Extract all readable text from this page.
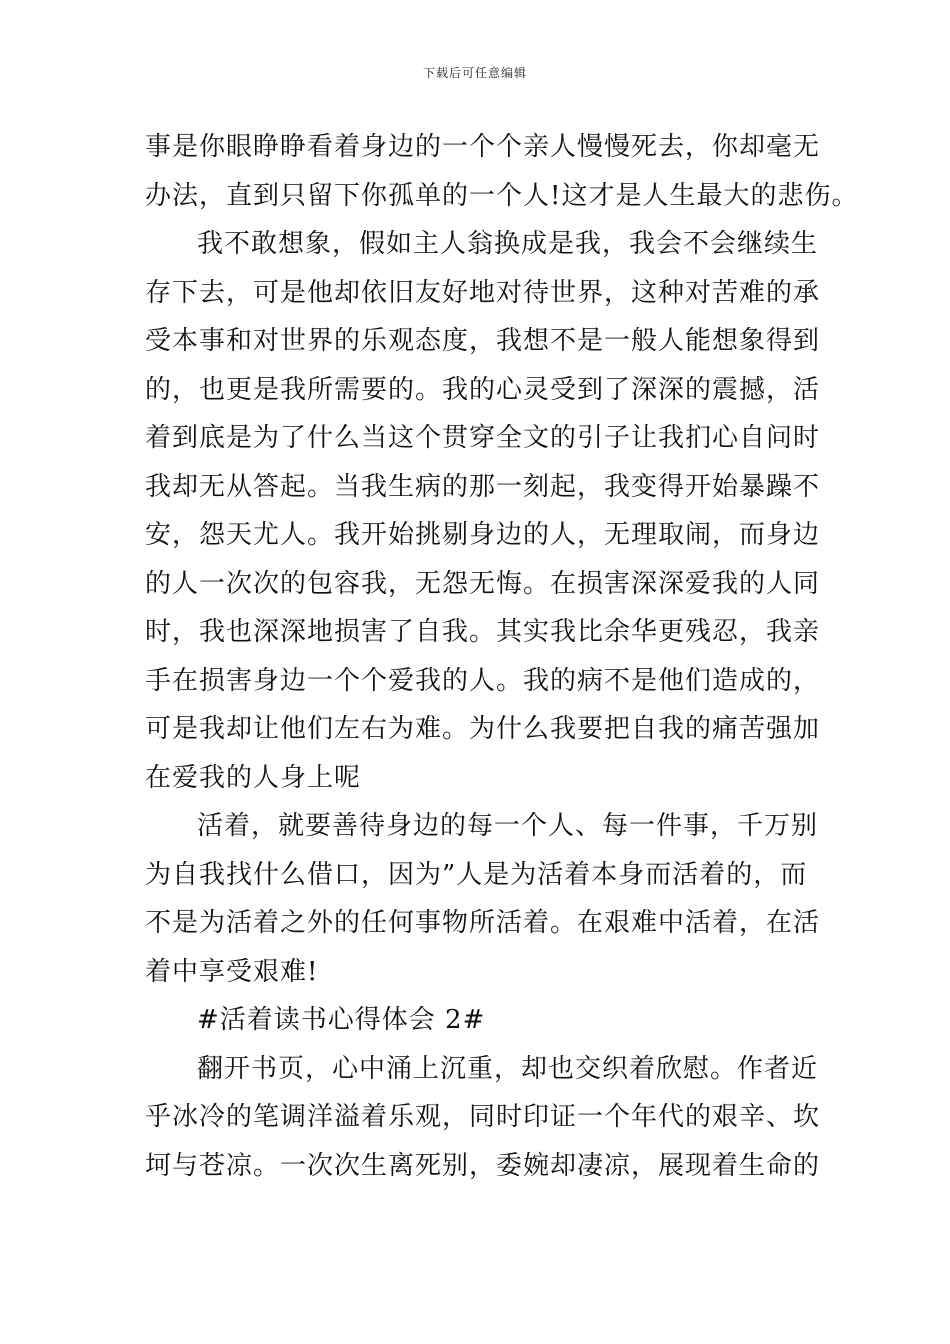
下载后可任意编辑
事是你眼睁睁看着身边的一个个亲人慢慢死去，你却毫无
办法，直到只留下你孤单的一个人!这才是人生最大的悲伤。
我不敢想象，假如主人翁换成是我，我会不会继续生
存下去，可是他却依旧友好地对待世界，这种对苦难的承
受本事和对世界的乐观态度，我想不是一般人能想象得到
的，也更是我所需要的。我的心灵受到了深深的震撼，活
着到底是为了什么当这个贯穿全文的引子让我扪心自问时
我却无从答起。当我生病的那一刻起，我变得开始暴躁不
安，怨天尤人。我开始挑剔身边的人，无理取闹，而身边
的人一次次的包容我，无怨无悔。在损害深深爱我的人同
时，我也深深地损害了自我。其实我比余华更残忍，我亲
手在损害身边一个个爱我的人。我的病不是他们造成的，
可是我却让他们左右为难。为什么我要把自我的痛苦强加
在爱我的人身上呢
活着，就要善待身边的每一个人、每一件事，千万别
为自我找什么借口，因为”人是为活着本身而活着的，而
不是为活着之外的任何事物所活着。在艰难中活着，在活
着中享受艰难!
#活着读书心得体会 2#
翻开书页，心中涌上沉重，却也交织着欣慰。作者近
乎冰冷的笔调洋溢着乐观，同时印证一个年代的艰辛、坎
坷与苍凉。一次次生离死别，委婉却凄凉，展现着生命的
